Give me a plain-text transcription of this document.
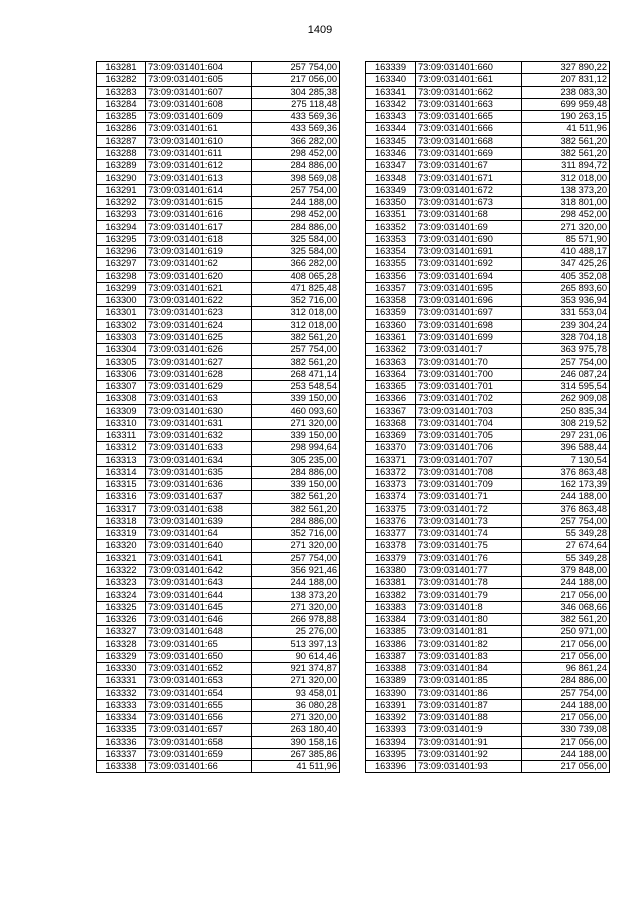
1409
163281	73:09:031401:604	257 754,00
163282	73:09:031401:605	217 056,00
163283	73:09:031401:607	304 285,38
163284	73:09:031401:608	275 118,48
163285	73:09:031401:609	433 569,36
163286	73:09:031401:61	433 569,36
163287	73:09:031401:610	366 282,00
163288	73:09:031401:611	298 452,00
163289	73:09:031401:612	284 886,00
163290	73:09:031401:613	398 569,08
163291	73:09:031401:614	257 754,00
163292	73:09:031401:615	244 188,00
163293	73:09:031401:616	298 452,00
163294	73:09:031401:617	284 886,00
163295	73:09:031401:618	325 584,00
163296	73:09:031401:619	325 584,00
163297	73:09:031401:62	366 282,00
163298	73:09:031401:620	408 065,28
163299	73:09:031401:621	471 825,48
163300	73:09:031401:622	352 716,00
163301	73:09:031401:623	312 018,00
163302	73:09:031401:624	312 018,00
163303	73:09:031401:625	382 561,20
163304	73:09:031401:626	257 754,00
163305	73:09:031401:627	382 561,20
163306	73:09:031401:628	268 471,14
163307	73:09:031401:629	253 548,54
163308	73:09:031401:63	339 150,00
163309	73:09:031401:630	460 093,60
163310	73:09:031401:631	271 320,00
163311	73:09:031401:632	339 150,00
163312	73:09:031401:633	298 994,64
163313	73:09:031401:634	305 235,00
163314	73:09:031401:635	284 886,00
163315	73:09:031401:636	339 150,00
163316	73:09:031401:637	382 561,20
163317	73:09:031401:638	382 561,20
163318	73:09:031401:639	284 886,00
163319	73:09:031401:64	352 716,00
163320	73:09:031401:640	271 320,00
163321	73:09:031401:641	257 754,00
163322	73:09:031401:642	356 921,46
163323	73:09:031401:643	244 188,00
163324	73:09:031401:644	138 373,20
163325	73:09:031401:645	271 320,00
163326	73:09:031401:646	266 978,88
163327	73:09:031401:648	25 276,00
163328	73:09:031401:65	513 397,13
163329	73:09:031401:650	90 614,46
163330	73:09:031401:652	921 374,87
163331	73:09:031401:653	271 320,00
163332	73:09:031401:654	93 458,01
163333	73:09:031401:655	36 080,28
163334	73:09:031401:656	271 320,00
163335	73:09:031401:657	263 180,40
163336	73:09:031401:658	390 158,16
163337	73:09:031401:659	267 385,86
163338	73:09:031401:66	41 511,96
163339	73:09:031401:660	327 890,22
163340	73:09:031401:661	207 831,12
163341	73:09:031401:662	238 083,30
163342	73:09:031401:663	699 959,48
163343	73:09:031401:665	190 263,15
163344	73:09:031401:666	41 511,96
163345	73:09:031401:668	382 561,20
163346	73:09:031401:669	382 561,20
163347	73:09:031401:67	311 894,72
163348	73:09:031401:671	312 018,00
163349	73:09:031401:672	138 373,20
163350	73:09:031401:673	318 801,00
163351	73:09:031401:68	298 452,00
163352	73:09:031401:69	271 320,00
163353	73:09:031401:690	85 571,90
163354	73:09:031401:691	410 488,17
163355	73:09:031401:692	347 425,26
163356	73:09:031401:694	405 352,08
163357	73:09:031401:695	265 893,60
163358	73:09:031401:696	353 936,94
163359	73:09:031401:697	331 553,04
163360	73:09:031401:698	239 304,24
163361	73:09:031401:699	328 704,18
163362	73:09:031401:7	363 975,78
163363	73:09:031401:70	257 754,00
163364	73:09:031401:700	246 087,24
163365	73:09:031401:701	314 595,54
163366	73:09:031401:702	262 909,08
163367	73:09:031401:703	250 835,34
163368	73:09:031401:704	308 219,52
163369	73:09:031401:705	297 231,06
163370	73:09:031401:706	396 588,44
163371	73:09:031401:707	7 130,54
163372	73:09:031401:708	376 863,48
163373	73:09:031401:709	162 173,39
163374	73:09:031401:71	244 188,00
163375	73:09:031401:72	376 863,48
163376	73:09:031401:73	257 754,00
163377	73:09:031401:74	55 349,28
163378	73:09:031401:75	27 674,64
163379	73:09:031401:76	55 349,28
163380	73:09:031401:77	379 848,00
163381	73:09:031401:78	244 188,00
163382	73:09:031401:79	217 056,00
163383	73:09:031401:8	346 068,66
163384	73:09:031401:80	382 561,20
163385	73:09:031401:81	250 971,00
163386	73:09:031401:82	217 056,00
163387	73:09:031401:83	217 056,00
163388	73:09:031401:84	96 861,24
163389	73:09:031401:85	284 886,00
163390	73:09:031401:86	257 754,00
163391	73:09:031401:87	244 188,00
163392	73:09:031401:88	217 056,00
163393	73:09:031401:9	330 739,08
163394	73:09:031401:91	217 056,00
163395	73:09:031401:92	244 188,00
163396	73:09:031401:93	217 056,00
